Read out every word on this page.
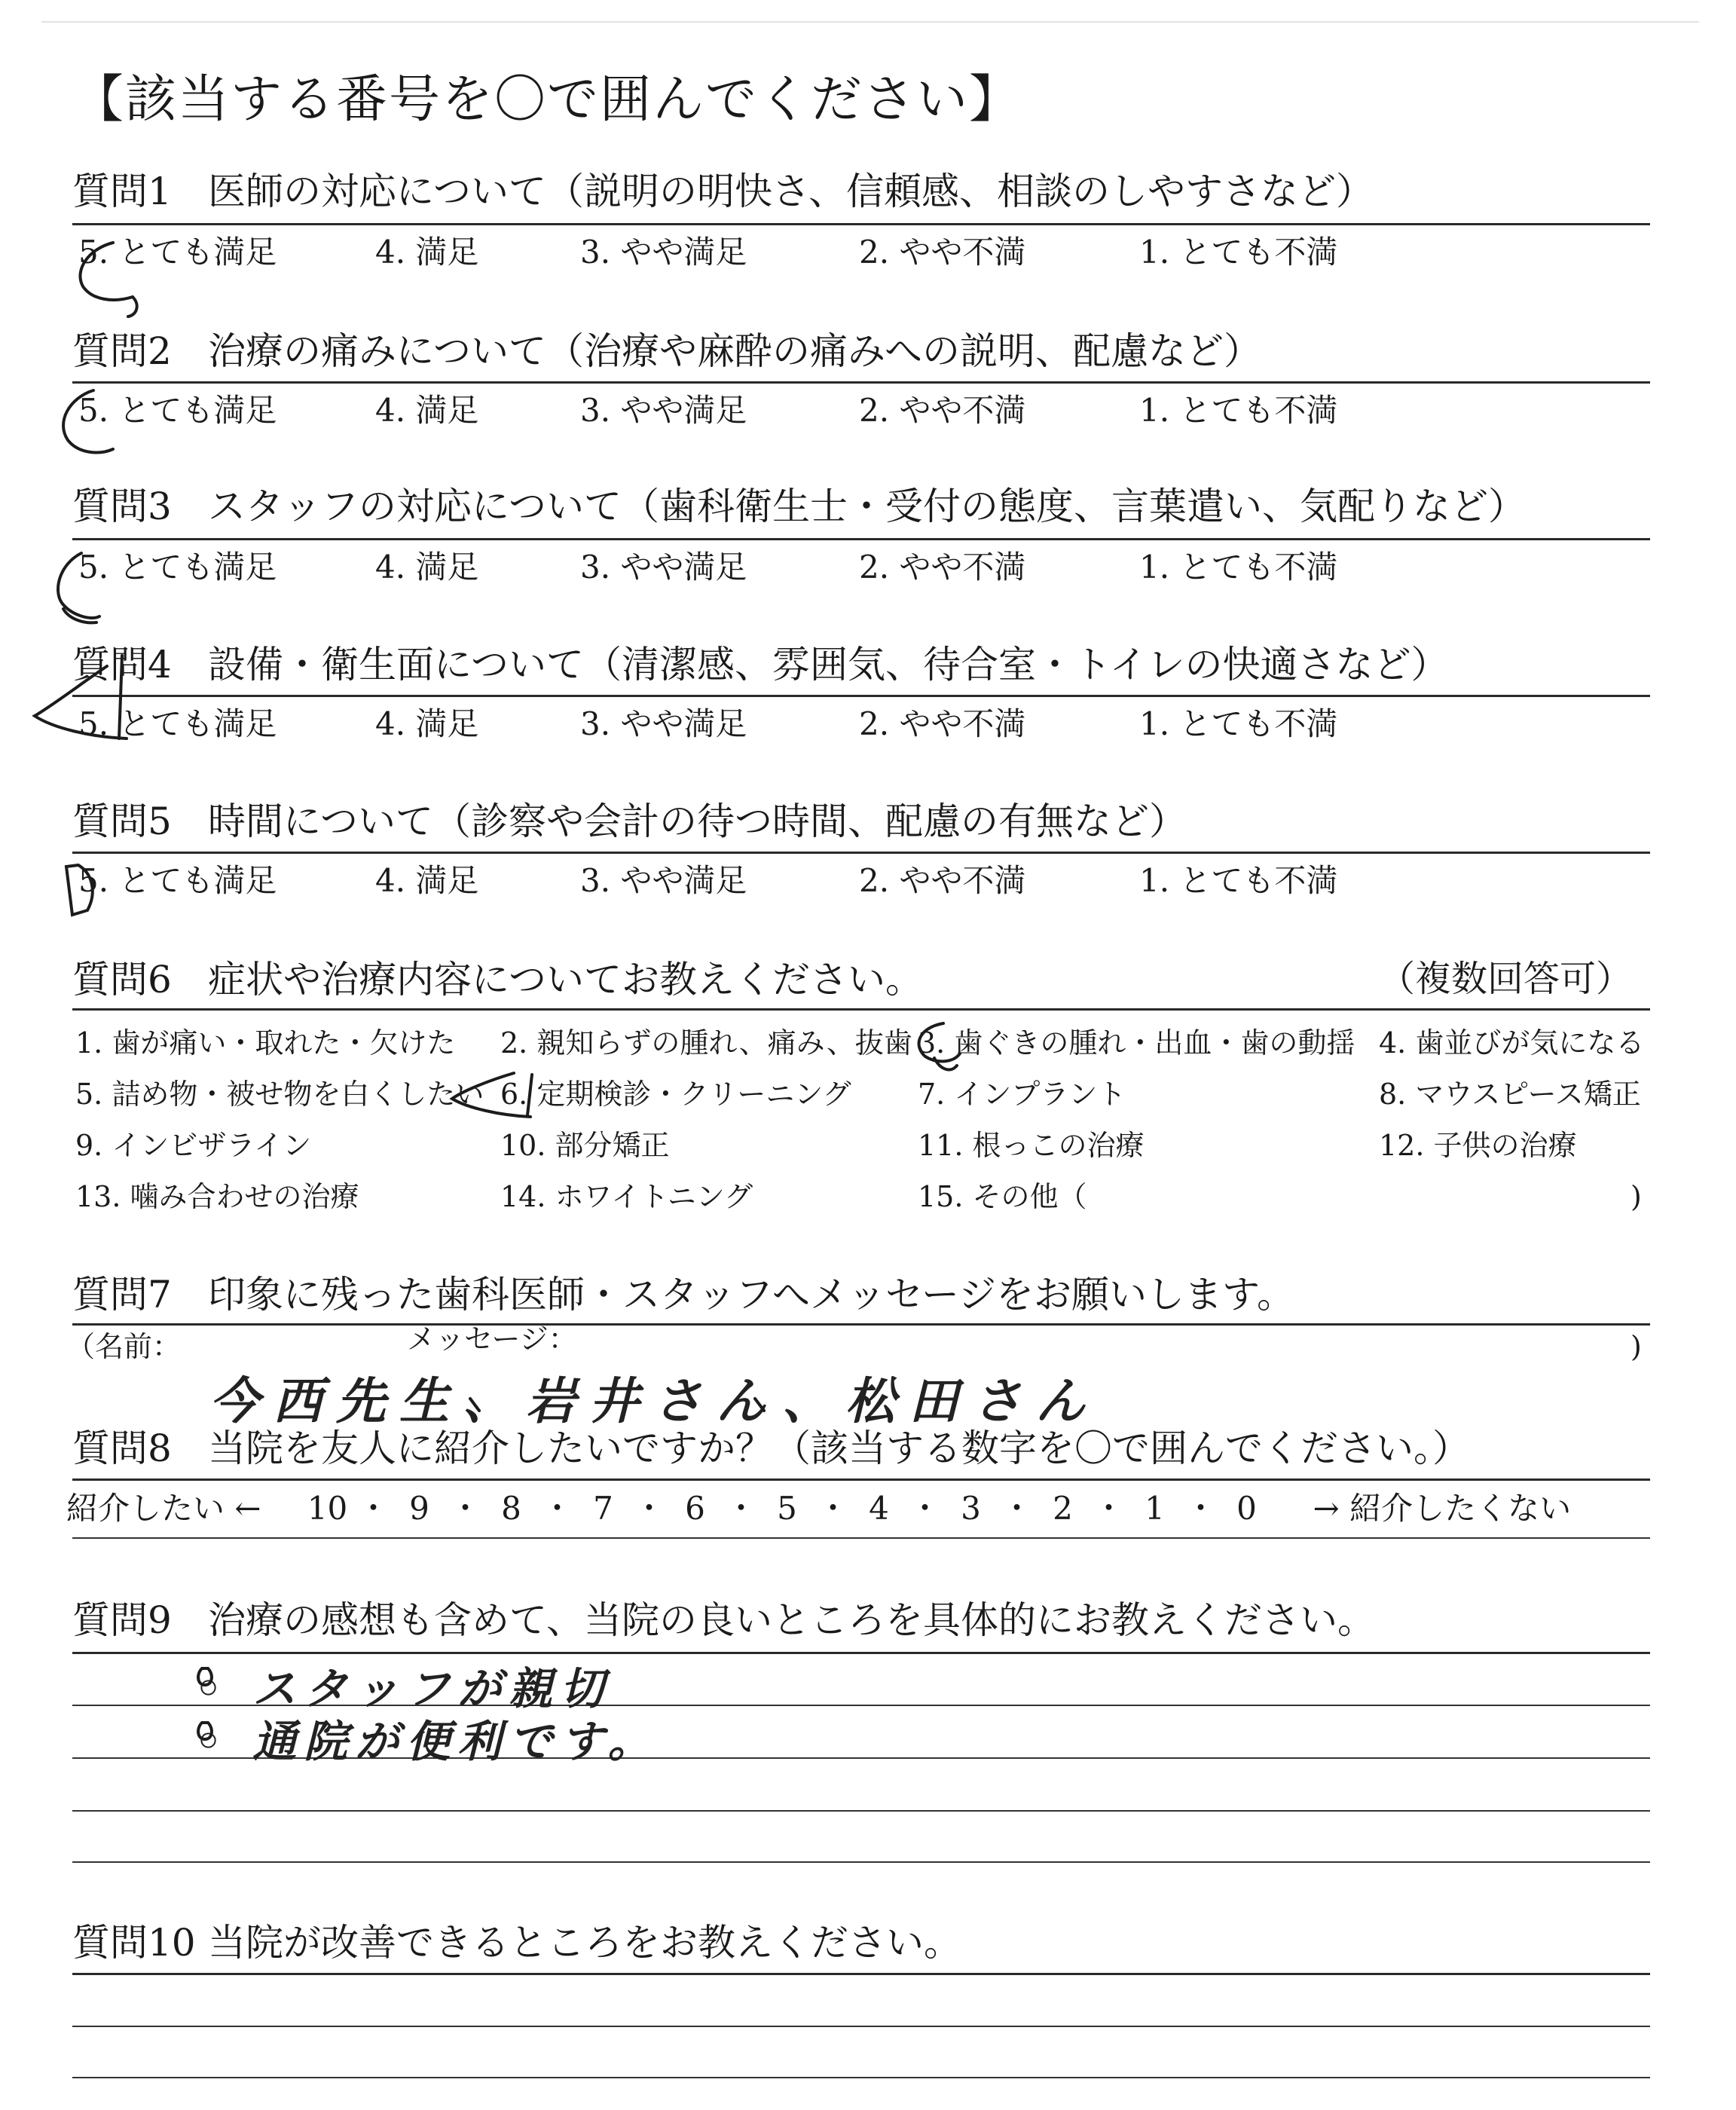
【該当する番号を〇で囲んでください】
質問1 医師の対応について（説明の明快さ、信頼感、相談のしやすさなど）
5. とても満足	4. 満足	3. やや満足	2. やや不満	1. とても不満
質問2 治療の痛みについて（治療や麻酔の痛みへの説明、配慮など）
5. とても満足	4. 満足	3. やや満足	2. やや不満	1. とても不満
質問3 スタッフの対応について（歯科衛生士・受付の態度、言葉遣い、気配りなど）
5. とても満足	4. 満足	3. やや満足	2. やや不満	1. とても不満
質問4 設備・衛生面について（清潔感、雰囲気、待合室・トイレの快適さなど）
5. とても満足	4. 満足	3. やや満足	2. やや不満	1. とても不満
質問5 時間について（診察や会計の待つ時間、配慮の有無など）
5. とても満足	4. 満足	3. やや満足	2. やや不満	1. とても不満
質問6 症状や治療内容についてお教えください。	（複数回答可）
1. 歯が痛い・取れた・欠けた 2. 親知らずの腫れ、痛み、抜歯 3. 歯ぐきの腫れ・出血・歯の動揺 4. 歯並びが気になる
5. 詰め物・被せ物を白くしたい 6. 定期検診・クリーニング 7. インプラント	8. マウスピース矯正
9. インビザライン	10. 部分矯正	11. 根っこの治療	12. 子供の治療
13. 噛み合わせの治療	14. ホワイトニング	15. その他（	)
質問7 印象に残った歯科医師・スタッフへメッセージをお願いします。
（名前：	メッセージ：	)
今西先生、岩井さん、松田さん
質問8 当院を友人に紹介したいですか？（該当する数字を〇で囲んでください。）
紹介したい ← 10 ・ 9 ・ 8 ・ 7 ・ 6 ・ 5 ・ 4 ・ 3 ・ 2 ・ 1 ・ 0	→ 紹介したくない
質問9 治療の感想も含めて、当院の良いところを具体的にお教えください。
◦ スタッフが親切
◦ 通院が便利です。
質問10 当院が改善できるところをお教えください。
